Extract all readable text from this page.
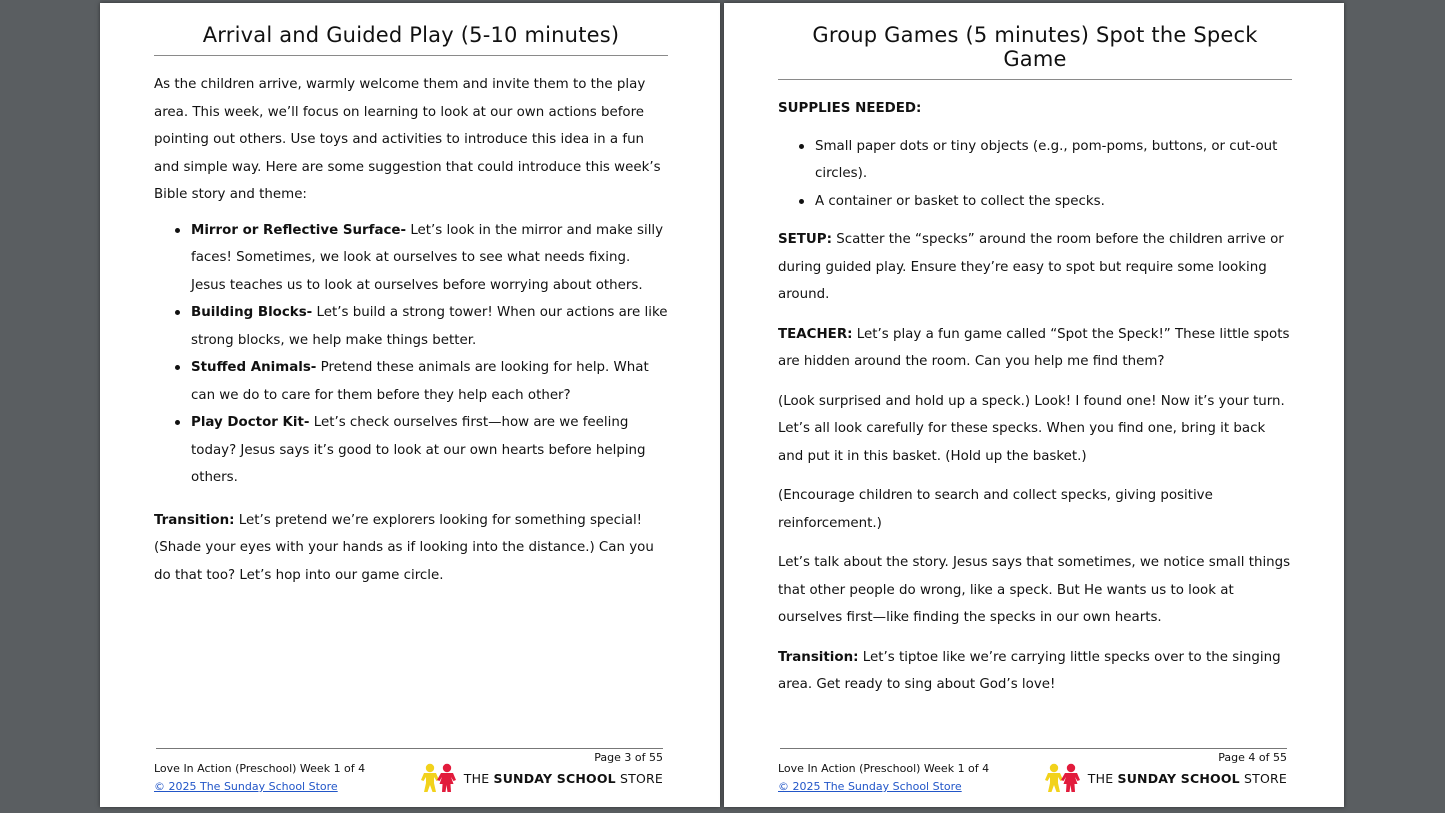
Arrival and Guided Play (5-10 minutes)

As the children arrive, warmly welcome them and invite them to the play area. This week, we’ll focus on learning to look at our own actions before pointing out others. Use toys and activities to introduce this idea in a fun and simple way. Here are some suggestion that could introduce this week’s Bible story and theme:

Mirror or Reflective Surface- Let’s look in the mirror and make silly faces! Sometimes, we look at ourselves to see what needs fixing. Jesus teaches us to look at ourselves before worrying about others.
Building Blocks- Let’s build a strong tower! When our actions are like strong blocks, we help make things better.
Stuffed Animals- Pretend these animals are looking for help. What can we do to care for them before they help each other?
Play Doctor Kit- Let’s check ourselves first—how are we feeling today? Jesus says it’s good to look at our own hearts before helping others.

Transition: Let’s pretend we’re explorers looking for something special! (Shade your eyes with your hands as if looking into the distance.) Can you do that too? Let’s hop into our game circle.

Love In Action (Preschool) Week 1 of 4
© 2025 The Sunday School Store
Page 3 of 55
THE SUNDAY SCHOOL STORE
Group Games (5 minutes) Spot the Speck Game

SUPPLIES NEEDED:

Small paper dots or tiny objects (e.g., pom-poms, buttons, or cut-out circles).
A container or basket to collect the specks.

SETUP: Scatter the “specks” around the room before the children arrive or during guided play. Ensure they’re easy to spot but require some looking around.

TEACHER: Let’s play a fun game called “Spot the Speck!” These little spots are hidden around the room. Can you help me find them?

(Look surprised and hold up a speck.) Look! I found one! Now it’s your turn. Let’s all look carefully for these specks. When you find one, bring it back and put it in this basket. (Hold up the basket.)

(Encourage children to search and collect specks, giving positive reinforcement.)

Let’s talk about the story. Jesus says that sometimes, we notice small things that other people do wrong, like a speck. But He wants us to look at ourselves first—like finding the specks in our own hearts.

Transition: Let’s tiptoe like we’re carrying little specks over to the singing area. Get ready to sing about God’s love!

Love In Action (Preschool) Week 1 of 4
© 2025 The Sunday School Store
Page 4 of 55
THE SUNDAY SCHOOL STORE
